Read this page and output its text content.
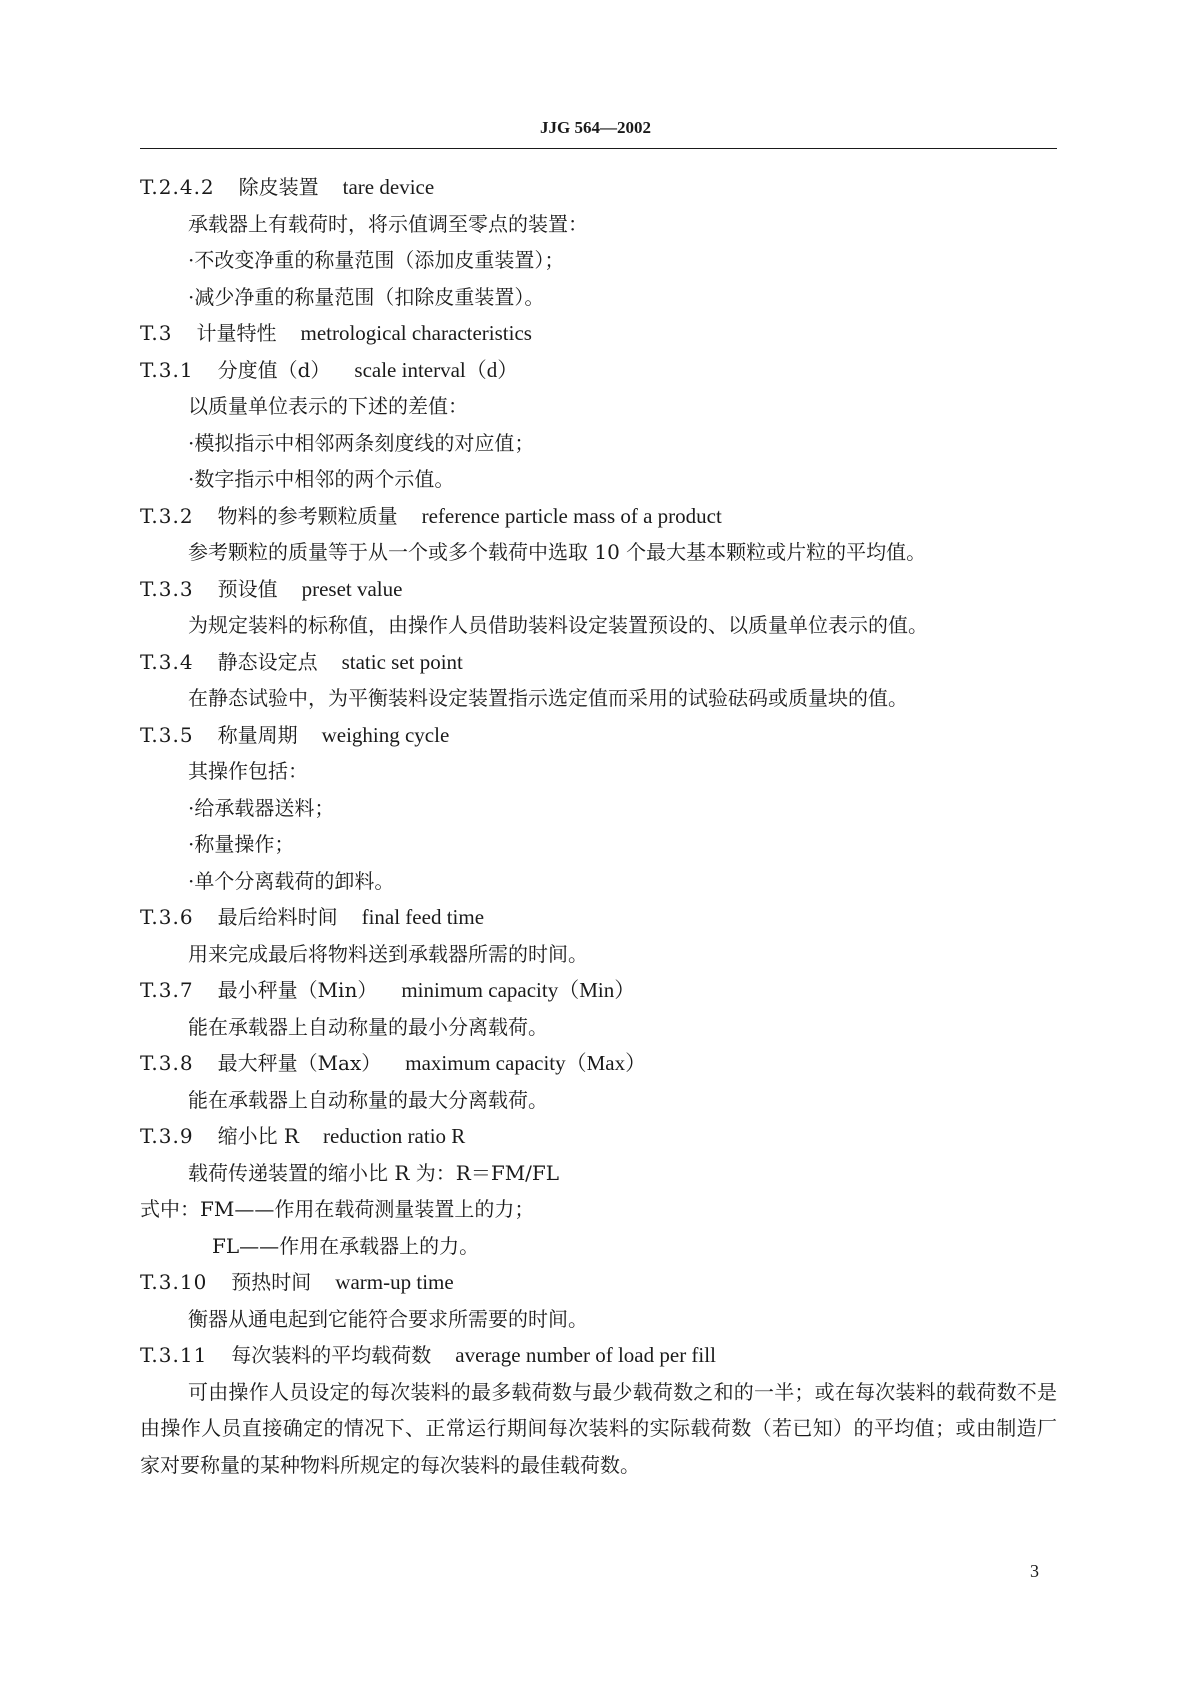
JJG 564—2002
T.2.4.2 除皮装置 tare device
承载器上有载荷时，将示值调至零点的装置：
·不改变净重的称量范围（添加皮重装置）；
·减少净重的称量范围（扣除皮重装置）。
T.3 计量特性 metrological characteristics
T.3.1 分度值（d） scale interval（d）
以质量单位表示的下述的差值：
·模拟指示中相邻两条刻度线的对应值；
·数字指示中相邻的两个示值。
T.3.2 物料的参考颗粒质量 reference particle mass of a product
参考颗粒的质量等于从一个或多个载荷中选取 10 个最大基本颗粒或片粒的平均值。
T.3.3 预设值 preset value
为规定装料的标称值，由操作人员借助装料设定装置预设的、以质量单位表示的值。
T.3.4 静态设定点 static set point
在静态试验中，为平衡装料设定装置指示选定值而采用的试验砝码或质量块的值。
T.3.5 称量周期 weighing cycle
其操作包括：
·给承载器送料；
·称量操作；
·单个分离载荷的卸料。
T.3.6 最后给料时间 final feed time
用来完成最后将物料送到承载器所需的时间。
T.3.7 最小秤量（Min） minimum capacity（Min）
能在承载器上自动称量的最小分离载荷。
T.3.8 最大秤量（Max） maximum capacity（Max）
能在承载器上自动称量的最大分离载荷。
T.3.9 缩小比 R reduction ratio R
载荷传递装置的缩小比 R 为：R＝FM/FL
式中：FM——作用在载荷测量装置上的力；
FL——作用在承载器上的力。
T.3.10 预热时间 warm-up time
衡器从通电起到它能符合要求所需要的时间。
T.3.11 每次装料的平均载荷数 average number of load per fill
可由操作人员设定的每次装料的最多载荷数与最少载荷数之和的一半；或在每次装料的载荷数不是由操作人员直接确定的情况下、正常运行期间每次装料的实际载荷数（若已知）的平均值；或由制造厂家对要称量的某种物料所规定的每次装料的最佳载荷数。
3
